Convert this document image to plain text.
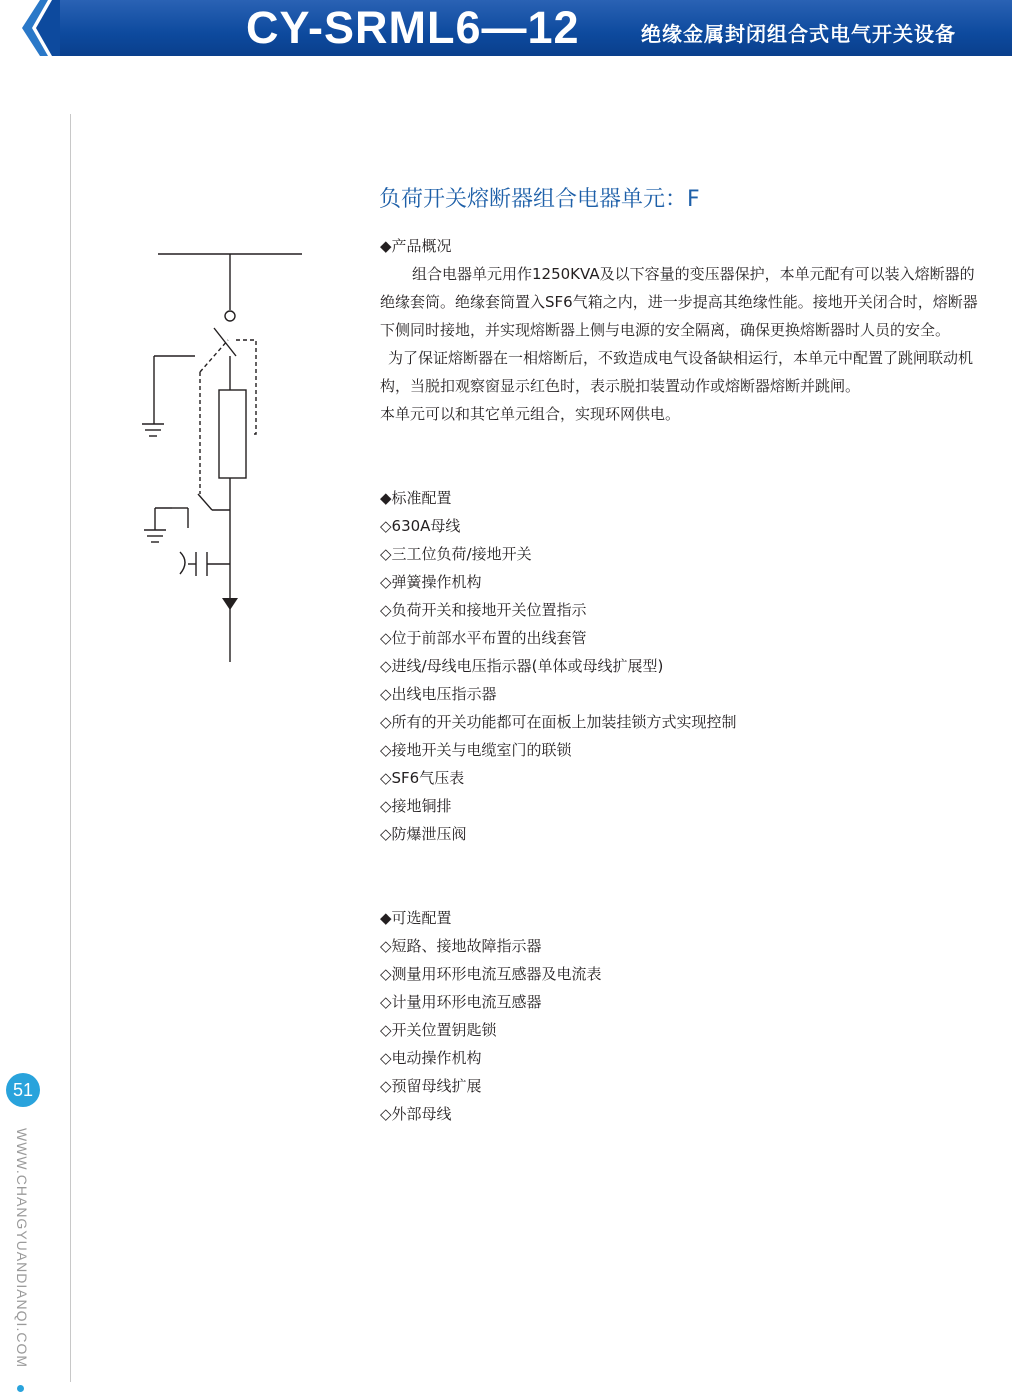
CY-SRML6—12	绝缘金属封闭组合式电气开关设备
51
WWW.CHANGYUANDIANQI.COM
负荷开关熔断器组合电器单元：F

◆产品概况

组合电器单元用作1250KVA及以下容量的变压器保护，本单元配有可以装入熔断器的绝缘套筒。绝缘套筒置入SF6气箱之内，进一步提高其绝缘性能。接地开关闭合时，熔断器下侧同时接地，并实现熔断器上侧与电源的安全隔离，确保更换熔断器时人员的安全。

为了保证熔断器在一相熔断后，不致造成电气设备缺相运行，本单元中配置了跳闸联动机构，当脱扣观察窗显示红色时，表示脱扣装置动作或熔断器熔断并跳闸。

本单元可以和其它单元组合，实现环网供电。

◆标准配置

◇630A母线
◇三工位负荷/接地开关
◇弹簧操作机构
◇负荷开关和接地开关位置指示
◇位于前部水平布置的出线套管
◇进线/母线电压指示器(单体或母线扩展型)
◇出线电压指示器
◇所有的开关功能都可在面板上加装挂锁方式实现控制
◇接地开关与电缆室门的联锁
◇SF6气压表
◇接地铜排
◇防爆泄压阀

◆可选配置

◇短路、接地故障指示器
◇测量用环形电流互感器及电流表
◇计量用环形电流互感器
◇开关位置钥匙锁
◇电动操作机构
◇预留母线扩展
◇外部母线
